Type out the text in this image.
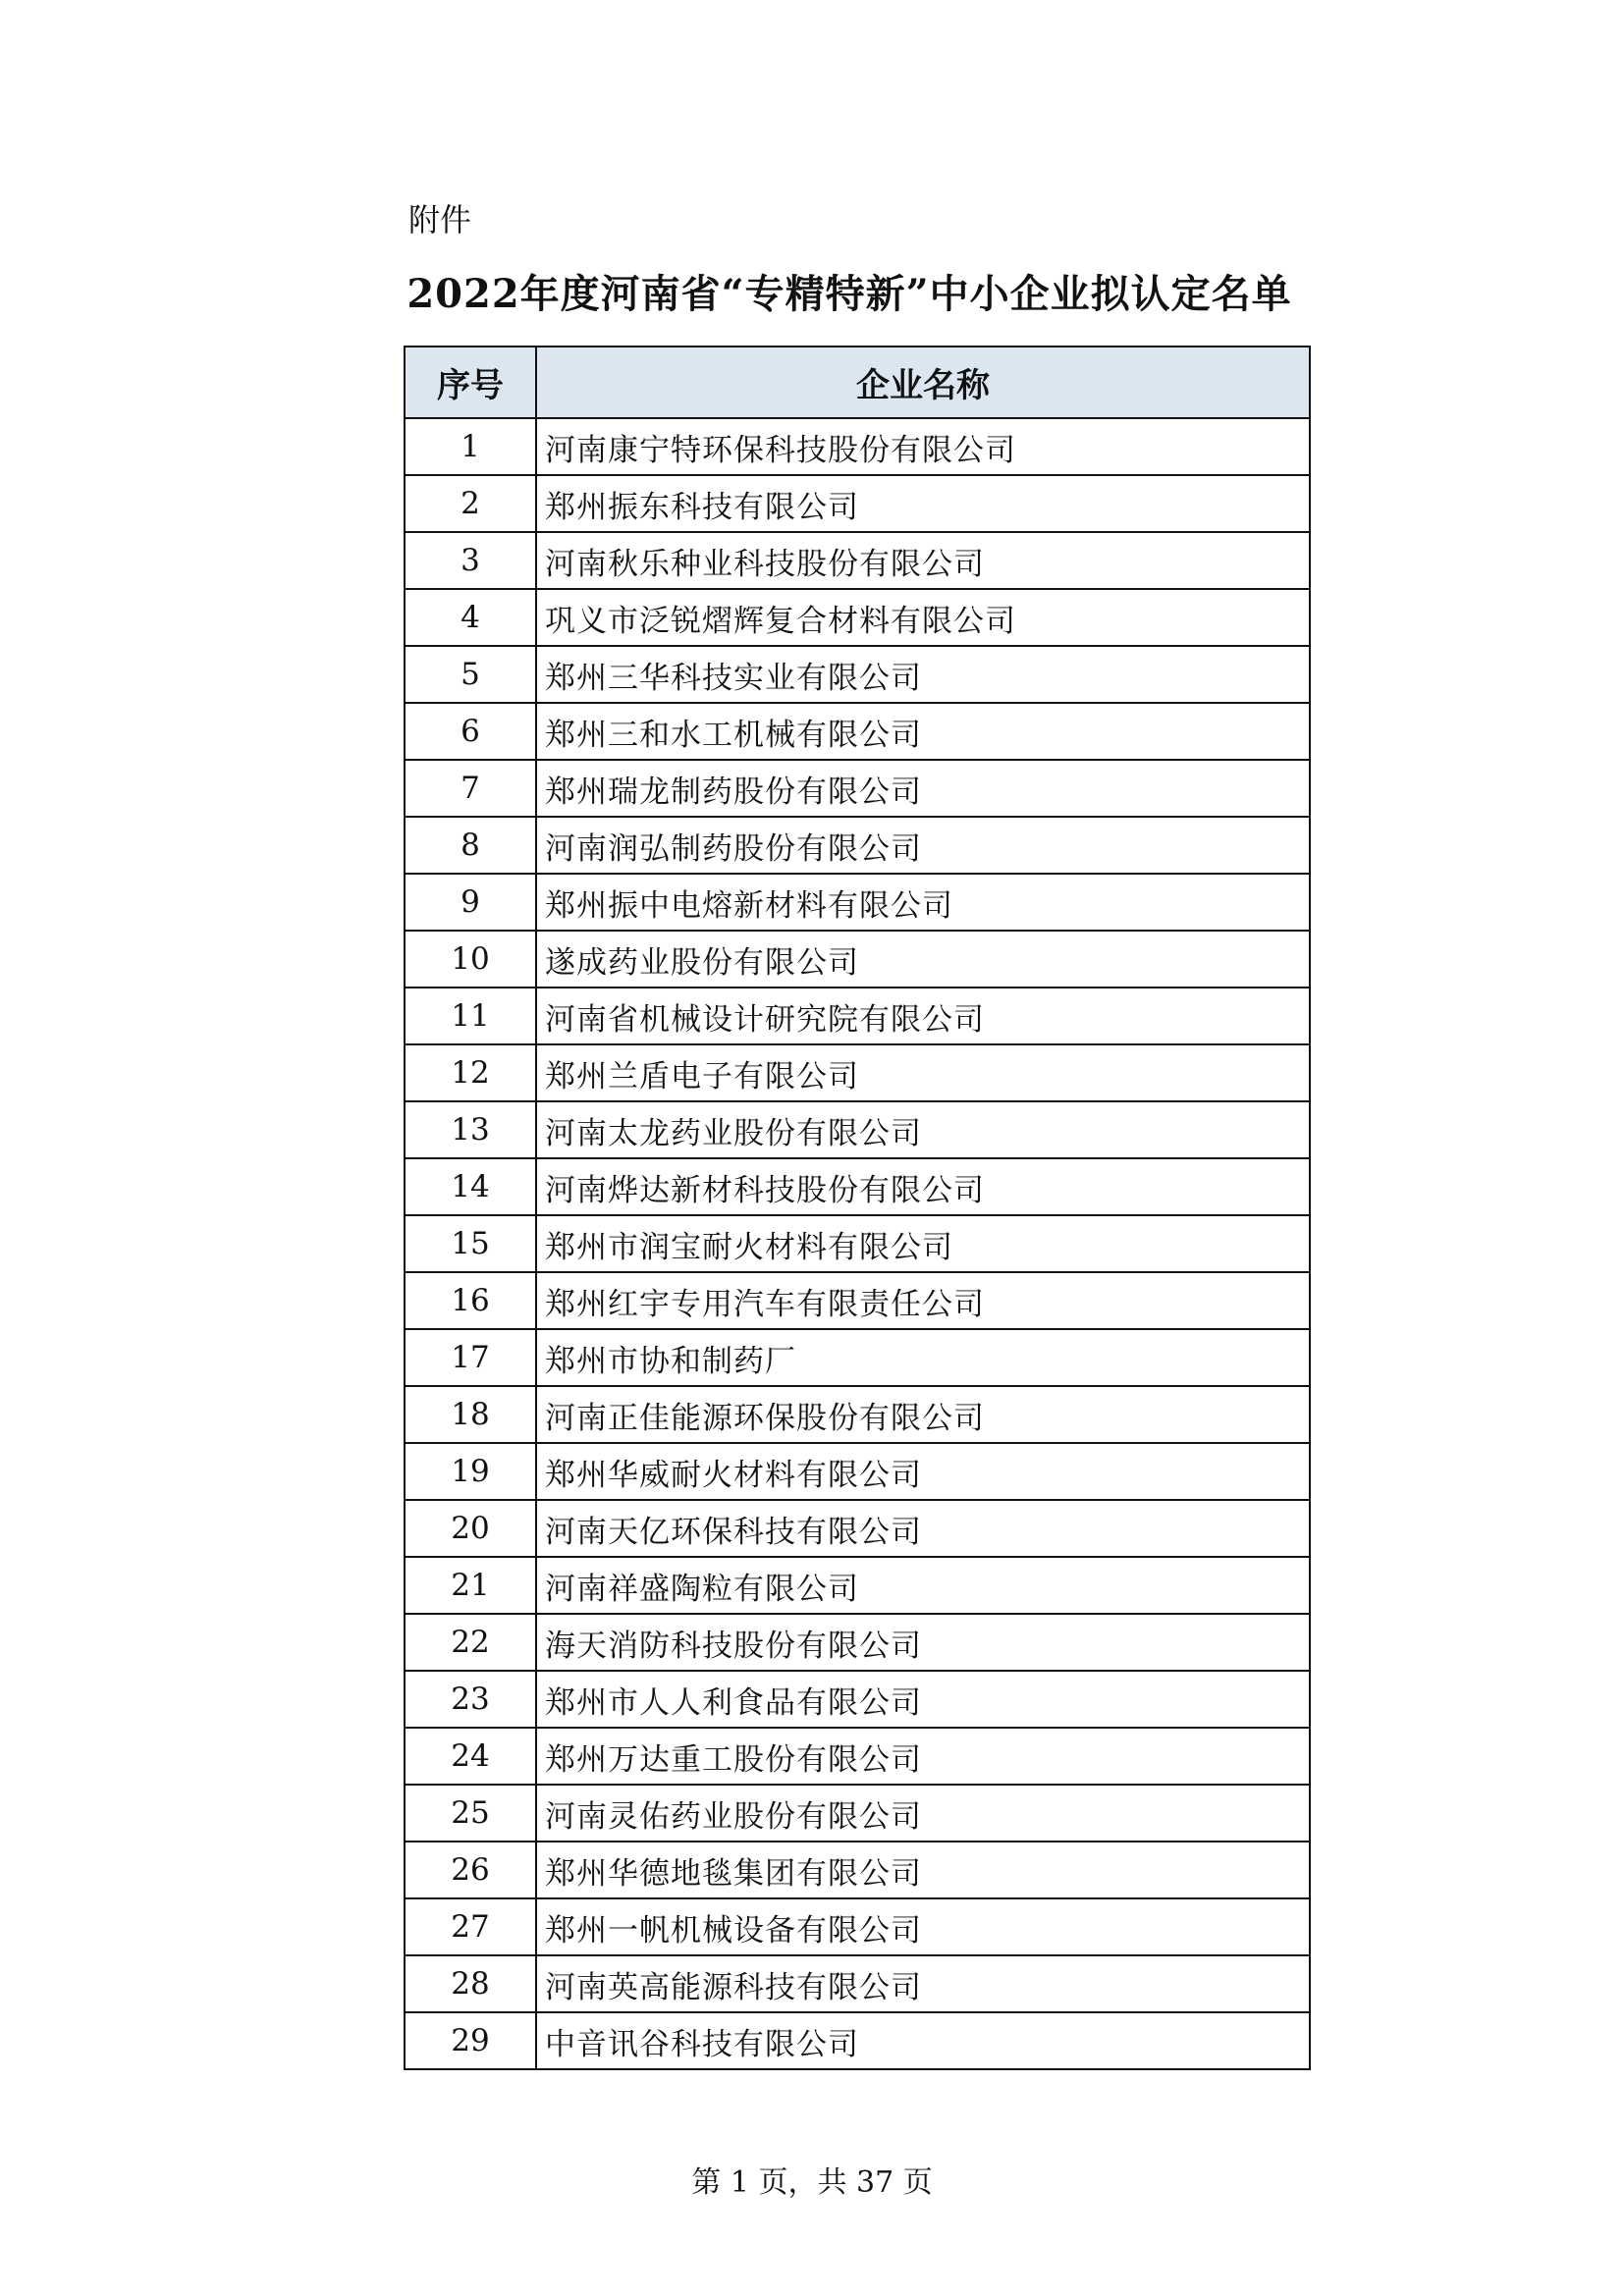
附件
2022年度河南省“专精特新”中小企业拟认定名单
序号	企业名称
1	河南康宁特环保科技股份有限公司
2	郑州振东科技有限公司
3	河南秋乐种业科技股份有限公司
4	巩义市泛锐熠辉复合材料有限公司
5	郑州三华科技实业有限公司
6	郑州三和水工机械有限公司
7	郑州瑞龙制药股份有限公司
8	河南润弘制药股份有限公司
9	郑州振中电熔新材料有限公司
10	遂成药业股份有限公司
11	河南省机械设计研究院有限公司
12	郑州兰盾电子有限公司
13	河南太龙药业股份有限公司
14	河南烨达新材科技股份有限公司
15	郑州市润宝耐火材料有限公司
16	郑州红宇专用汽车有限责任公司
17	郑州市协和制药厂
18	河南正佳能源环保股份有限公司
19	郑州华威耐火材料有限公司
20	河南天亿环保科技有限公司
21	河南祥盛陶粒有限公司
22	海天消防科技股份有限公司
23	郑州市人人利食品有限公司
24	郑州万达重工股份有限公司
25	河南灵佑药业股份有限公司
26	郑州华德地毯集团有限公司
27	郑州一帆机械设备有限公司
28	河南英高能源科技有限公司
29	中音讯谷科技有限公司
第 1 页，共 37 页
